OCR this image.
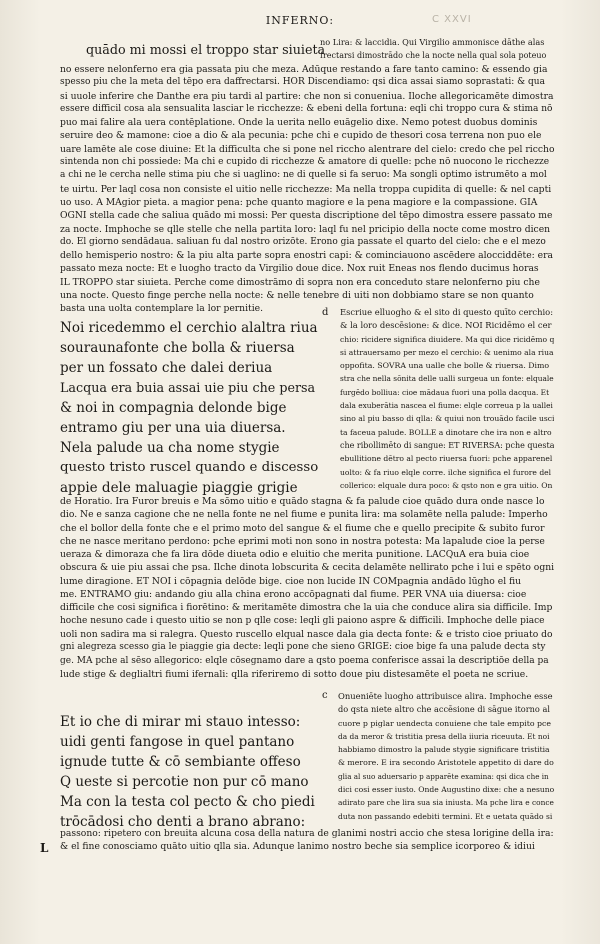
INFERNO:	C XXVI
quādo mi mossi el troppo star siuieta
no Lira: & laccidia. Qui Virgilio ammonisce dāthe alas
frectarsi dimostrādo che la nocte nella qual sola poteuo
no essere nelonferno era gia passata piu che meza. Adūque restando a fare tanto camino: & essendo gia
spesso piu che la meta del tēpo era daffrectarsi. HOR Discendiamo: qsi dica assai siamo soprastati: & qua
si uuole inferire che Danthe era piu tardi al partire: che non si conueniua. Iloche allegoricamēte dimostra
essere difficil cosa ala sensualita lasciar le ricchezze: & ebeni della fortuna: eqli chi troppo cura & stima nō
puo mai falire ala uera contēplatione. Onde la uerita nello euāgelio dixe. Nemo potest duobus dominis
seruire deo & mamone: cioe a dio & ala pecunia: pche chi e cupido de thesori cosa terrena non puo ele
uare lamēte ale cose diuine: Et la difficulta che si pone nel riccho alentrare del cielo: credo che pel riccho
sintenda non chi possiede: Ma chi e cupido di ricchezze & amatore di quelle: pche nō nuocono le ricchezze
a chi ne le cercha nelle stima piu che si uaglino: ne di quelle si fa seruo: Ma songli optimo istrumēto a mol
te uirtu. Per laql cosa non consiste el uitio nelle ricchezze: Ma nella troppa cupidita di quelle: & nel capti
uo uso. A MAgior pieta. a magior pena: pche quanto magiore e la pena magiore e la compassione. GIA
OGNI stella cade che saliua quādo mi mossi: Per questa discriptione del tēpo dimostra essere passato me
za nocte. Imphoche se qlle stelle che nella partita loro: laql fu nel pricipio della nocte come mostro dicen
do. El giorno sendādaua. saliuan fu dal nostro orizōte. Erono gia passate el quarto del cielo: che e el mezo
dello hemisperio nostro: & la piu alta parte sopra enostri capi: & cominciauono ascēdere alocciddēte: era
passato meza nocte: Et e luogho tracto da Virgilio doue dice. Nox ruit Eneas nos flendo ducimus horas
IL TROPPO star siuieta. Perche come dimostrāmo di sopra non era conceduto stare nelonferno piu che
una nocte. Questo finge perche nella nocte: & nelle tenebre di uiti non dobbiamo stare se non quanto
basta una uolta contemplare la lor pernitie.	d
Noi ricedemmo el cerchio alaltra riua
souraunafonte che bolla & riuersa
per un fossato che dalei deriua
Lacqua era buia assai uie piu che persa
& noi in compagnia delonde bige
entramo giu per una uia diuersa.
Nela palude ua cha nome stygie
questo tristo ruscel quando e discesso
appie dele maluagie piaggie grigie
Escriue elluogho & el sito di questo quīto cerchio:
& la loro descēsione: & dice. NOI Ricidēmo el cer
chio: ricidere significa diuidere. Ma qui dice ricidēmo q
si attrauersamo per mezo el cerchio: & uenimo ala riua
oppofita. SOVRA una ualle che bolle & riuersa. Dimo
stra che nella sōnita delle ualli surgeua un fonte: elquale
furgēdo bolliua: cioe mādaua fuori una polla dacqua. Et
dala exuberātia nascea el fiume: elqle correua p la uallei
sino al piu basso di qlla: & quiui non trouādo facile usci
ta faceua palude. BOLLE a dinotare che ira non e altro
che ribollimēto di sangue: ET RIVERSA: pche questa
ebullitione dētro al pecto riuersa fuori: pche apparenel
uolto: & fa riuo elqle corre. ilche significa el furore del
collerico: elquale dura poco: & qsto non e gra uitio. On
de Horatio. Ira Furor breuis e Ma sōmo uitio e quādo stagna & fa palude cioe quādo dura onde nasce lo
dio. Ne e sanza cagione che ne nella fonte ne nel fiume e punita lira: ma solamēte nella palude: Imperho
che el bollor della fonte che e el primo moto del sangue & el fiume che e quello precipite & subito furor
che ne nasce meritano perdono: pche eprimi moti non sono in nostra potesta: Ma lapalude cioe la perse
ueraza & dimoraza che fa lira dōde diueta odio e eluitio che merita punitione. LACQuA era buia cioe
obscura & uie piu assai che psa. Ilche dinota lobscurita & cecita delamēte nellirato pche i lui e spēto ogni
lume diragione. ET NOI i cōpagnia delōde bige. cioe non lucide IN COMpagnia andādo lūgho el fiu
me. ENTRAMO giu: andando giu alla china erono accōpagnati dal fiume. PER VNA uia diuersa: cioe
difficile che cosi significa i fiorētino: & meritamēte dimostra che la uia che conduce alira sia difficile. Imp
hoche nesuno cade i questo uitio se non p qlle cose: leqli gli paiono aspre & difficili. Imphoche delle piace
uoli non sadira ma si ralegra. Questo ruscello elqual nasce dala gia decta fonte: & e tristo cioe priuato do
gni alegreza scesso gia le piaggie gia decte: leqli pone che sieno GRIGE: cioe bige fa una palude decta sty
ge. MA pche al sēso allegorico: elqle cōsegnamo dare a qsto poema conferisce assai la descriptiōe della pa
lude stige & deglialtri fiumi ifernali: qlla riferiremo di sotto doue piu distesamēte el poeta ne scriue.
c
Et io che di mirar mi stauo intesso:
uidi genti fangose in quel pantano
ignude tutte & cō sembiante offeso
Q ueste si percotie non pur cō mano
Ma con la testa col pecto & cho piedi
trōcādosi cho denti a brano abrano:
Onueniēte luogho attribuisce alira. Imphoche esse
do qsta niete altro che accēsione di sāgue itorno al
cuore p piglar uendecta conuiene che tale empito pce
da da meror & tristitia presa della iiuria riceuuta. Et noi
habbiamo dimostro la palude stygie significare tristitia
& merore. E ira secondo Aristotele appetito di dare do
glia al suo aduersario p apparēte examina: qsi dica che in
dici cosi esser iusto. Onde Augustino dixe: che a nesuno
adirato pare che lira sua sia iniusta. Ma pche lira e conce
duta non passando edebiti termini. Et e uetata quādo si
passono: ripetero con breuita alcuna cosa della natura de glanimi nostri accio che stesa lorigine della ira:
& el fine conosciamo quāto uitio qlla sia. Adunque lanimo nostro beche sia semplice icorporeo & idiui
L
